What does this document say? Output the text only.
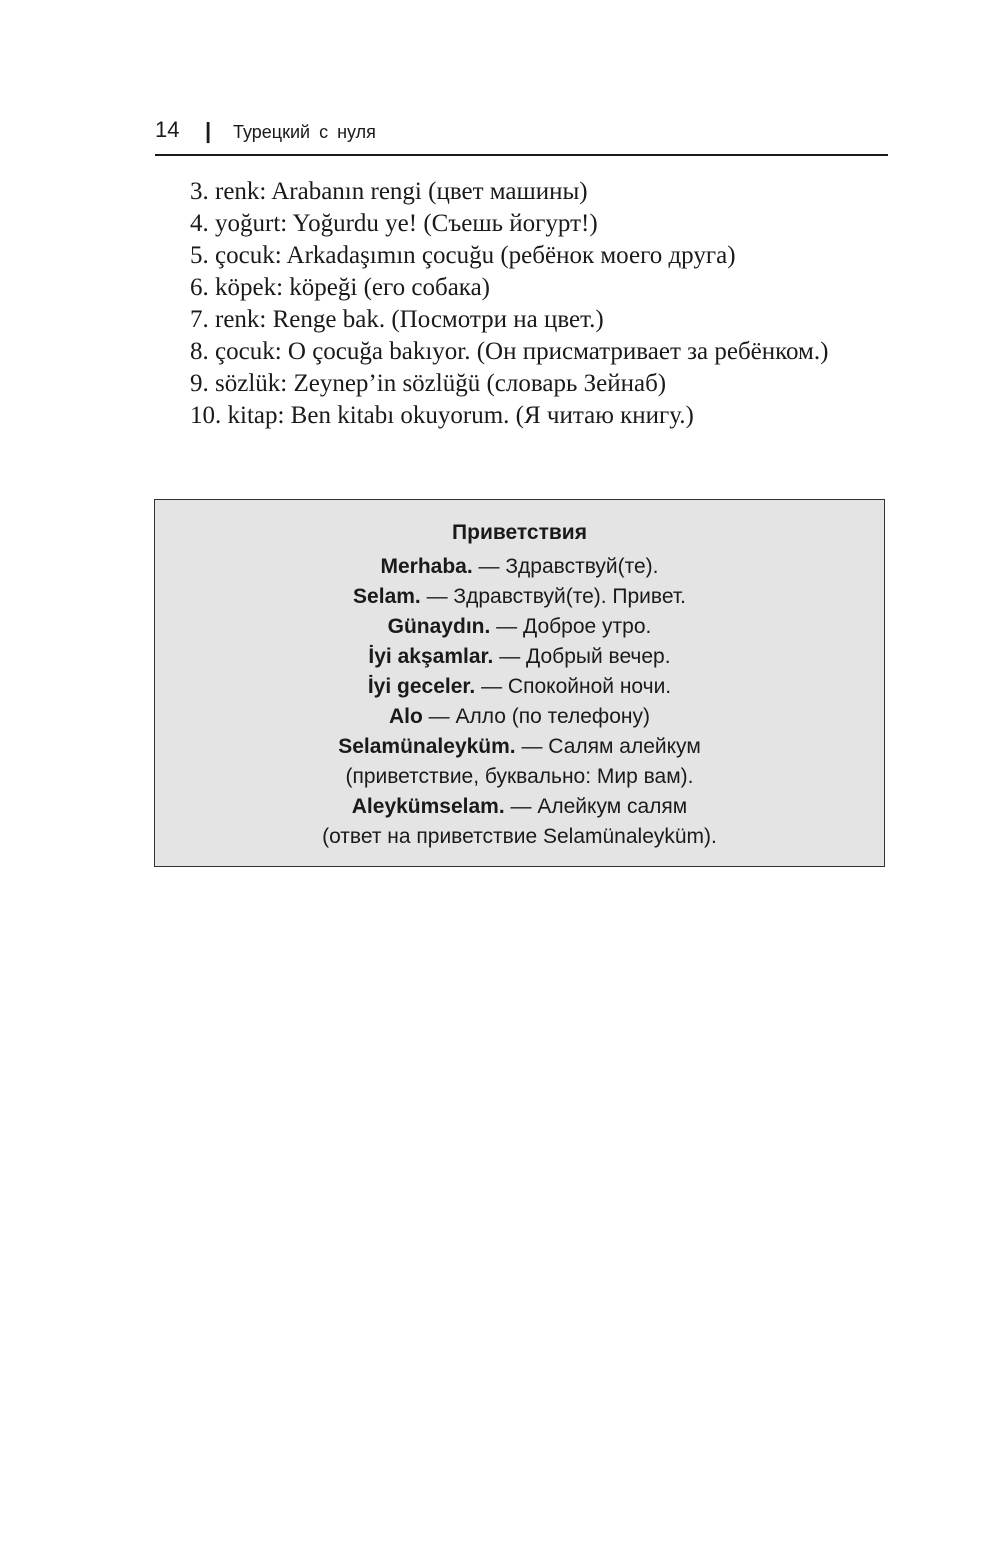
14 | Турецкий с нуля
3. renk: Arabanın rengi (цвет машины)
4. yoğurt: Yoğurdu ye! (Съешь йогурт!)
5. çocuk: Arkadaşımın çocuğu (ребёнок моего друга)
6. köpek: köpeği (его собака)
7. renk: Renge bak. (Посмотри на цвет.)
8. çocuk: O çocuğa bakıyor. (Он присматривает за ребёнком.)
9. sözlük: Zeynep’in sözlüğü (словарь Зейнаб)
10. kitap: Ben kitabı okuyorum. (Я читаю книгу.)
Приветствия
Merhaba. — Здравствуй(те).
Selam. — Здравствуй(те). Привет.
Günaydın. — Доброе утро.
İyi akşamlar. — Добрый вечер.
İyi geceler. — Спокойной ночи.
Alo — Алло (по телефону)
Selamünaleyküm. — Салям алейкум
(приветствие, буквально: Мир вам).
Aleykümselam. — Алейкум салям
(ответ на приветствие Selamünaleyküm).
